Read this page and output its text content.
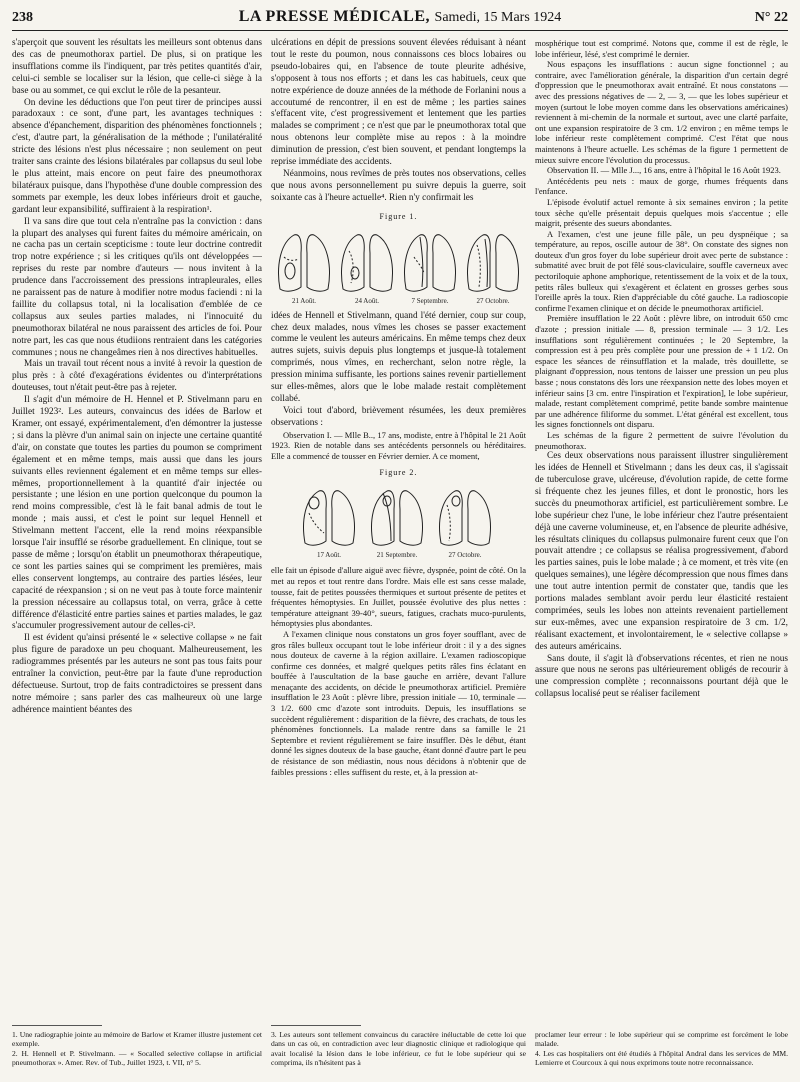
238	LA PRESSE MÉDICALE, Samedi, 15 Mars 1924	N° 22

s'aperçoit que souvent les résultats les meilleurs sont obtenus dans des cas de pneumothorax partiel. De plus, si on pratique les insufflations comme ils l'indiquent, par très petites quantités d'air, celui-ci semble se localiser sur la lésion, que celle-ci siège à la base ou au sommet, ce qui exclut le rôle de la pesanteur.

On devine les déductions que l'on peut tirer de principes aussi paradoxaux : ce sont, d'une part, les avantages techniques : absence d'épanchement, disparition des phénomènes fonctionnels ; c'est, d'autre part, la généralisation de la méthode ; l'unilatéralité stricte des lésions n'est plus nécessaire ; non seulement on peut traiter sans crainte des lésions bilatérales par collapsus du seul lobe le plus atteint, mais encore on peut faire des pneumothorax bilatéraux puisque, dans l'hypothèse d'une double compression des sommets par exemple, les deux lobes inférieurs droit et gauche, gardant leur expansibilité, suffiraient à la respiration¹.

Il va sans dire que tout cela n'entraîne pas la conviction : dans la plupart des analyses qui furent faites du mémoire américain, on ne cacha pas un certain scepticisme : toute leur doctrine contredit trop notre expérience ; si les critiques qu'ils ont développées — reprises du reste par nombre d'auteurs — nous invitent à la prudence dans l'accroissement des pressions intrapleurales, elles ne paraissent pas de nature à modifier notre modus faciendi : ni la faillite du collapsus total, ni la localisation d'emblée de ce collapsus aux seules parties malades, ni l'innocuité du pneumothorax bilatéral ne nous paraissent des articles de foi. Pour notre part, les cas que nous étudiions rentraient dans les catégories communes ; nous ne changeâmes rien à nos directives habituelles.

Mais un travail tout récent nous a invité à revoir la question de plus près : à côté d'exagérations évidentes ou d'interprétations douteuses, tout n'était peut-être pas à rejeter.

Il s'agit d'un mémoire de H. Hennel et P. Stivelmann paru en Juillet 1923². Les auteurs, convaincus des idées de Barlow et Kramer, ont essayé, expérimentalement, d'en démontrer la justesse ; si dans la plèvre d'un animal sain on injecte une certaine quantité d'air, on constate que toutes les parties du poumon se compriment également et en même temps, mais aussi que dans les jours suivants elles reviennent également et en même temps sur elles-mêmes, proportionnellement à la quantité d'air injectée ou persistante ; une lésion en une portion quelconque du poumon la rend moins compressible, c'est là le fait banal admis de tout le monde ; mais aussi, et c'est le point sur lequel Hennell et Stivelmann mettent l'accent, elle la rend moins réexpansible lorsque l'air insufflé se résorbe graduellement. En clinique, tout se passe de même ; lorsqu'on établit un pneumothorax thérapeutique, ce sont les parties saines qui se compriment les premières, mais elles conservent longtemps, au contraire des parties lésées, leur capacité de réexpansion ; si on ne veut pas à toute force maintenir la pression nécessaire au collapsus total, on verra, grâce à cette différence d'élasticité entre parties saines et parties malades, le gaz s'accumuler progressivement autour de celles-ci³.

Il est évident qu'ainsi présenté le « selective collapse » ne fait plus figure de paradoxe un peu choquant. Malheureusement, les radiogrammes présentés par les auteurs ne sont pas tous faits pour entraîner la conviction, peut-être par la faute d'une reproduction défectueuse. Surtout, trop de faits contradictoires se pressent dans notre mémoire ; sans parler des cas malheureux où une large adhérence maintient béantes des

ulcérations en dépit de pressions souvent élevées réduisant à néant tout le reste du poumon, nous connaissons ces blocs lobaires ou pseudo-lobaires qui, en l'absence de toute pleurite adhésive, s'opposent à tous nos efforts ; et dans les cas habituels, ceux que notre expérience de douze années de la méthode de Forlanini nous a accoutumé de rencontrer, il en est de même ; les parties saines s'effacent vite, c'est progressivement et lentement que les parties malades se compriment ; ce n'est que par le pneumothorax total que nous obtenons leur complète mise au repos : à la moindre diminution de pression, c'est bien souvent, et pendant longtemps la reprise immédiate des accidents.

Néanmoins, nous revîmes de près toutes nos observations, celles que nous avons personnellement pu suivre depuis la guerre, soit soixante cas à l'heure actuelle⁴. Rien n'y confirmait les

Figure 1.
21 Août.	24 Août.	7 Septembre.	27 Octobre.

idées de Hennell et Stivelmann, quand l'été dernier, coup sur coup, chez deux malades, nous vîmes les choses se passer exactement comme le veulent les auteurs américains. En même temps chez deux autres sujets, suivis depuis plus longtemps et jusque-là totalement comprimés, nous vîmes, en recherchant, selon notre règle, la pression minima suffisante, les portions saines revenir partiellement sur elles-mêmes, alors que le lobe malade restait complètement collabé.

Voici tout d'abord, brièvement résumées, les deux premières observations :

Observation I. — Mlle B.., 17 ans, modiste, entre à l'hôpital le 21 Août 1923. Rien de notable dans ses antécédents personnels ou héréditaires. Elle a commencé de tousser en Février dernier. A ce moment,

Figure 2.
17 Août.	21 Septembre.	27 Octobre.

elle fait un épisode d'allure aiguë avec fièvre, dyspnée, point de côté. On la met au repos et tout rentre dans l'ordre. Mais elle est sans cesse malade, tousse, fait de petites poussées thermiques et surtout présente de petites et fréquentes hémoptysies. En Juillet, poussée évolutive des plus nettes : température atteignant 39-40°, sueurs, fatigues, crachats muco-purulents, hémoptysies plus abondantes.

A l'examen clinique nous constatons un gros foyer soufflant, avec de gros râles bulleux occupant tout le lobe inférieur droit : il y a des signes nous douteux de caverne à la région axillaire. L'examen radioscopique confirme ces données, et malgré quelques petits râles fins éclatant en bouffée à l'auscultation de la base gauche en arrière, devant l'allure menaçante des accidents, on décide le pneumothorax artificiel. Première insufflation le 23 Août : plèvre libre, pression initiale — 10, terminale — 3 1/2. 600 cmc d'azote sont introduits. Depuis, les insufflations se succèdent régulièrement : disparition de la fièvre, des crachats, de tous les phénomènes fonctionnels. La malade rentre dans sa famille le 21 Septembre et revient régulièrement se faire insuffler. Dès le début, étant donné les signes douteux de la base gauche, étant donné d'autre part le peu de résistance de son médiastin, nous nous décidons à n'obtenir que de faibles pressions : elles suffisent du reste, et, à la pression at-

mosphérique tout est comprimé. Notons que, comme il est de règle, le lobe inférieur, lésé, s'est comprimé le dernier.

Nous espaçons les insufflations : aucun signe fonctionnel ; au contraire, avec l'amélioration générale, la disparition d'un certain degré d'oppression que le pneumothorax avait entraîné. Et nous constatons — avec des pressions négatives de — 2, — 3, — que les lobes supérieur et moyen (surtout le lobe moyen comme dans les observations américaines) reviennent à mi-chemin de la normale et surtout, avec une clarté parfaite, ont une expansion respiratoire de 3 cm. 1/2 environ ; en même temps le lobe inférieur reste complètement comprimé. C'est l'état que nous maintenons à l'heure actuelle. Les schémas de la figure 1 permettent de mieux suivre encore l'évolution du processus.

Observation II. — Mlle J..., 16 ans, entre à l'hôpital le 16 Août 1923.

Antécédents peu nets : maux de gorge, rhumes fréquents dans l'enfance.

L'épisode évolutif actuel remonte à six semaines environ ; la petite toux sèche qu'elle présentait depuis quelques mois s'accentue ; elle maigrit, présente des sueurs abondantes.

A l'examen, c'est une jeune fille pâle, un peu dyspnéique ; sa température, au repos, oscille autour de 38°. On constate des signes non douteux d'un gros foyer du lobe supérieur droit avec perte de substance : submatité avec bruit de pot fêlé sous-claviculaire, souffle caverneux avec pectoriloquie aphone amphorique, retentissement de la voix et de la toux, petits râles bulleux qui s'exagèrent et éclatent en grosses gerbes sous l'oreille après la toux. Rien d'appréciable du côté gauche. La radioscopie confirme l'examen clinique et on décide le pneumothorax artificiel.

Première insufflation le 22 Août : plèvre libre, on introduit 650 cmc d'azote ; pression initiale — 8, pression terminale — 3 1/2. Les insufflations sont régulièrement continuées ; le 20 Septembre, la compression est à peu près complète pour une pression de + 1 1/2. On espace les séances de réinsufflation et la malade, très douillette, se plaignant d'oppression, nous tentons de laisser une pression un peu plus basse ; nous constatons dès lors une réexpansion nette des lobes moyen et inférieur sains [3 cm. entre l'inspiration et l'expiration], le lobe supérieur, malade, restant complètement comprimé, petite bande sombre maintenue par une adhérence filiforme du sommet. L'état général est excellent, tous les signes fonctionnels ont disparu.

Les schémas de la figure 2 permettent de suivre l'évolution du pneumothorax.

Ces deux observations nous paraissent illustrer singulièrement les idées de Hennell et Stivelmann ; dans les deux cas, il s'agissait de tuberculose grave, ulcéreuse, d'évolution rapide, de cette forme si fréquente chez les jeunes filles, et dont le pronostic, hors les succès du pneumothorax artificiel, est particulièrement sombre. Le lobe supérieur chez l'une, le lobe inférieur chez l'autre présentaient déjà une caverne volumineuse, et, en l'absence de pleurite adhésive, les résultats cliniques du collapsus pulmonaire furent ceux que l'on pouvait attendre ; ce collapsus se réalisa progressivement, d'abord les parties saines, puis le lobe malade ; à ce moment, et très vite (en quelques semaines), une légère décompression que nous fîmes dans une tout autre intention permit de constater que, tandis que les portions malades semblant avoir perdu leur élasticité restaient comprimées, seuls les lobes non atteints revenaient partiellement sur eux-mêmes, avec une expansion respiratoire de 3 cm. 1/2, réalisant exactement, et involontairement, le « selective collapse » des auteurs américains.

Sans doute, il s'agit là d'observations récentes, et rien ne nous assure que nous ne serons pas ultérieurement obligés de recourir à une compression complète ; reconnaissons pourtant déjà que le collapsus localisé peut se réaliser facilement

1. Une radiographie jointe au mémoire de Barlow et Kramer illustre justement cet exemple.
2. H. Hennell et P. Stivelmann. — « Socalled selective collapse in artificial pneumothorax ». Amer. Rev. of Tub., Juillet 1923, t. VII, n° 5.
3. Les auteurs sont tellement convaincus du caractère inéluctable de cette loi que dans un cas où, en contradiction avec leur diagnostic clinique et radiologique qui avait localisé la lésion dans le lobe inférieur, ce fut le lobe supérieur qui se comprima, ils n'hésitent pas à
proclamer leur erreur : le lobe supérieur qui se comprime est forcément le lobe malade.
4. Les cas hospitaliers ont été étudiés à l'hôpital Andral dans les services de MM. Lemierre et Courcoux à qui nous exprimons toute notre reconnaissance.
